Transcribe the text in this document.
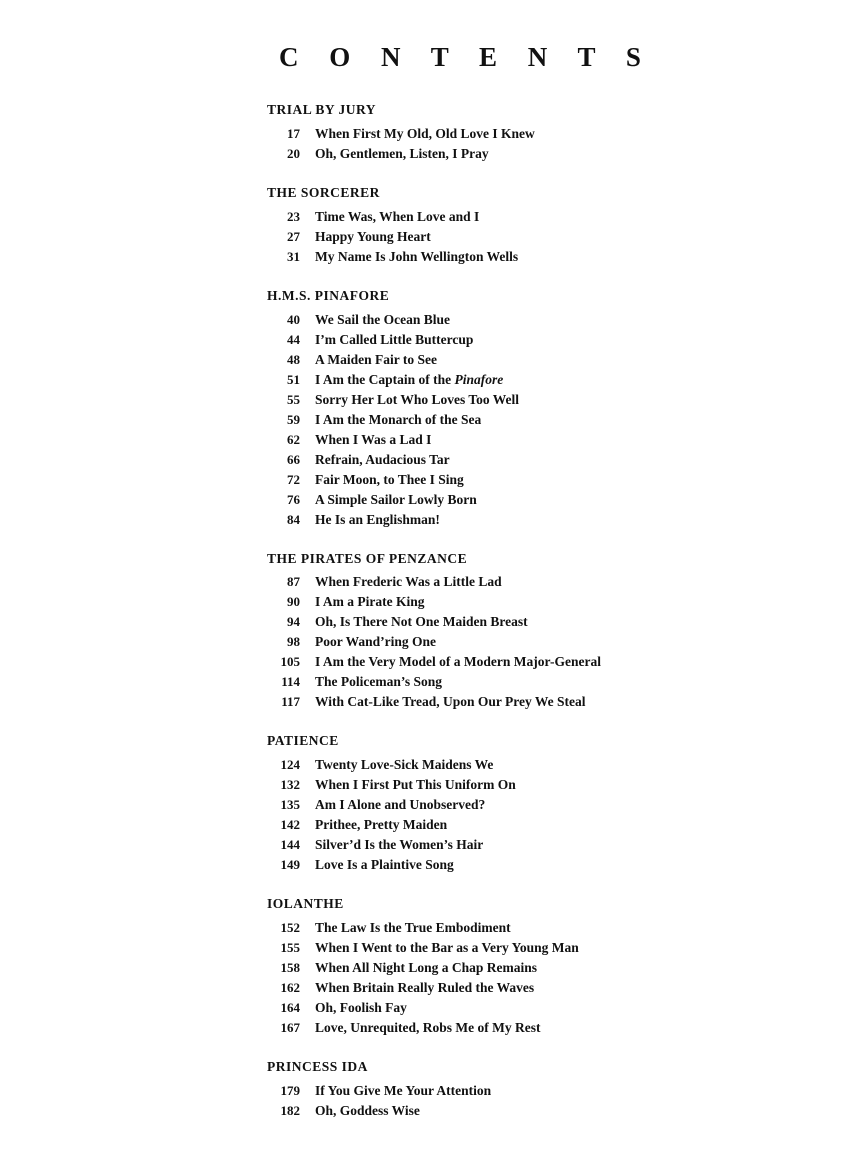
C O N T E N T S
TRIAL BY JURY
17 When First My Old, Old Love I Knew
20 Oh, Gentlemen, Listen, I Pray
THE SORCERER
23 Time Was, When Love and I
27 Happy Young Heart
31 My Name Is John Wellington Wells
H.M.S. PINAFORE
40 We Sail the Ocean Blue
44 I’m Called Little Buttercup
48 A Maiden Fair to See
51 I Am the Captain of the Pinafore
55 Sorry Her Lot Who Loves Too Well
59 I Am the Monarch of the Sea
62 When I Was a Lad I
66 Refrain, Audacious Tar
72 Fair Moon, to Thee I Sing
76 A Simple Sailor Lowly Born
84 He Is an Englishman!
THE PIRATES OF PENZANCE
87 When Frederic Was a Little Lad
90 I Am a Pirate King
94 Oh, Is There Not One Maiden Breast
98 Poor Wand’ring One
105 I Am the Very Model of a Modern Major-General
114 The Policeman’s Song
117 With Cat-Like Tread, Upon Our Prey We Steal
PATIENCE
124 Twenty Love-Sick Maidens We
132 When I First Put This Uniform On
135 Am I Alone and Unobserved?
142 Prithee, Pretty Maiden
144 Silver’d Is the Women’s Hair
149 Love Is a Plaintive Song
IOLANTHE
152 The Law Is the True Embodiment
155 When I Went to the Bar as a Very Young Man
158 When All Night Long a Chap Remains
162 When Britain Really Ruled the Waves
164 Oh, Foolish Fay
167 Love, Unrequited, Robs Me of My Rest
PRINCESS IDA
179 If You Give Me Your Attention
182 Oh, Goddess Wise
